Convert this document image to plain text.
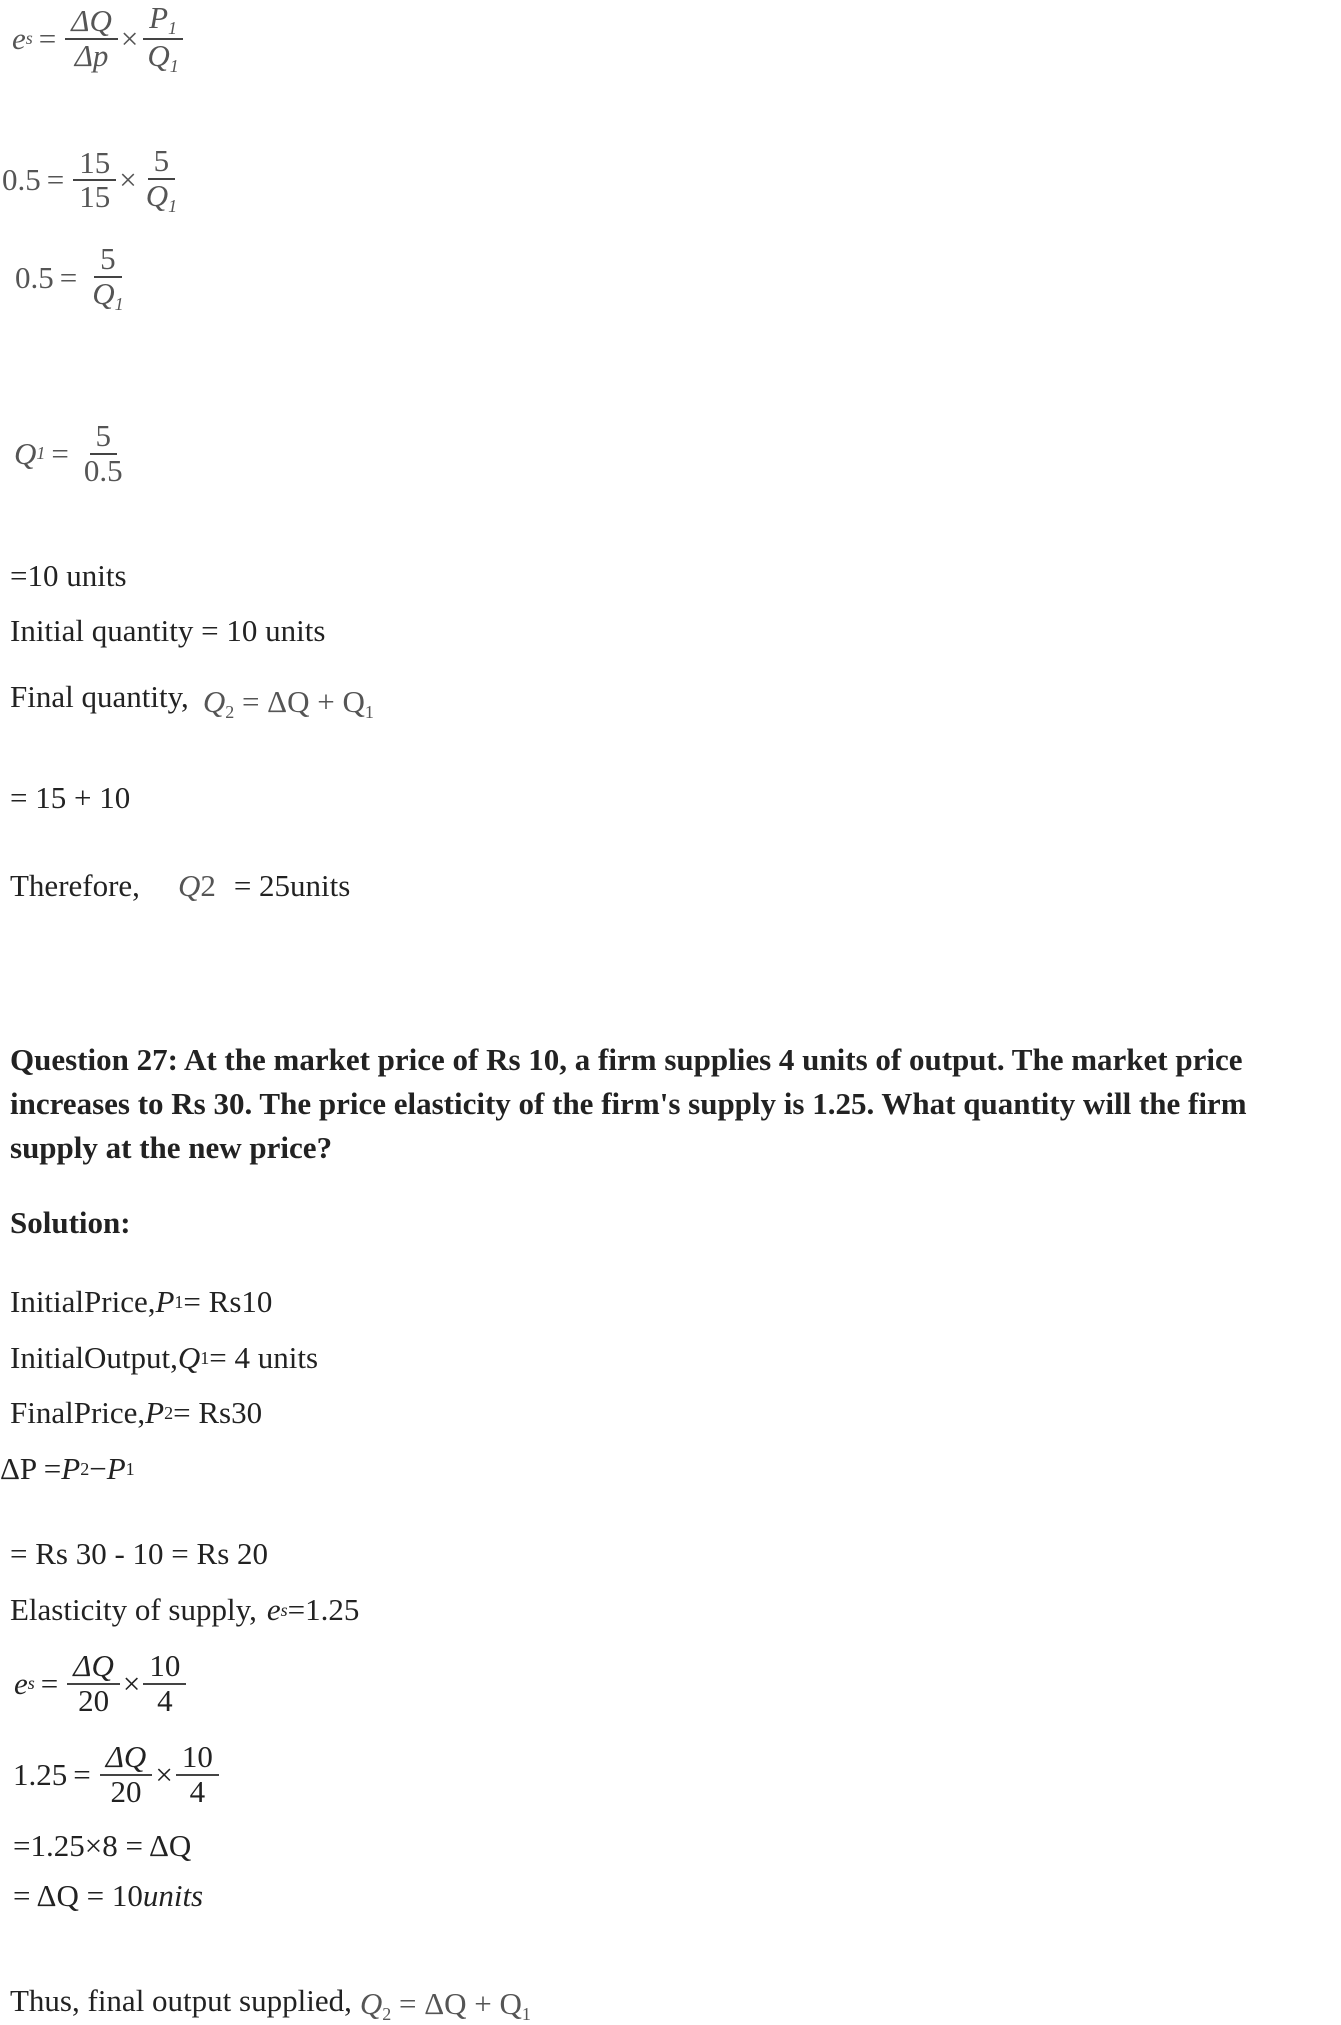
e $s = \frac{\Delta Q}{\Delta p} \times \frac{P_1}{Q_1}$
$0.5 = \frac{15}{15} \times \frac{5}{Q_1}$
$0.5 = \frac{5}{Q_1}$
Q $1 = \frac{5}{0.5}$
=10 units
Initial quantity = 10 units
Final quantity, $Q_2 = \Delta Q + Q_1$
= 15 + 10
Therefore, Q 2 = 25units
Question 27: At the market price of Rs 10, a firm supplies 4 units of output. The market price increases to Rs 30. The price elasticity of the firm's supply is 1.25. What quantity will the firm supply at the new price?
Solution:
InitialPrice, P 1 = Rs10
InitialOutput, Q 1 = 4 units
FinalPrice, P 2 = Rs30
ΔP = P 2 − P 1
= Rs 30 - 10 = Rs 20
Elasticity of supply, e s =1.25
e $s = \frac{\Delta Q}{20} \times \frac{10}{4}$
$1.25 = \frac{\Delta Q}{20} \times \frac{10}{4}$
=1.25×8 = ΔQ
= ΔQ = 10 units
Thus, final output supplied, $Q_2 = \Delta Q + Q_1$
